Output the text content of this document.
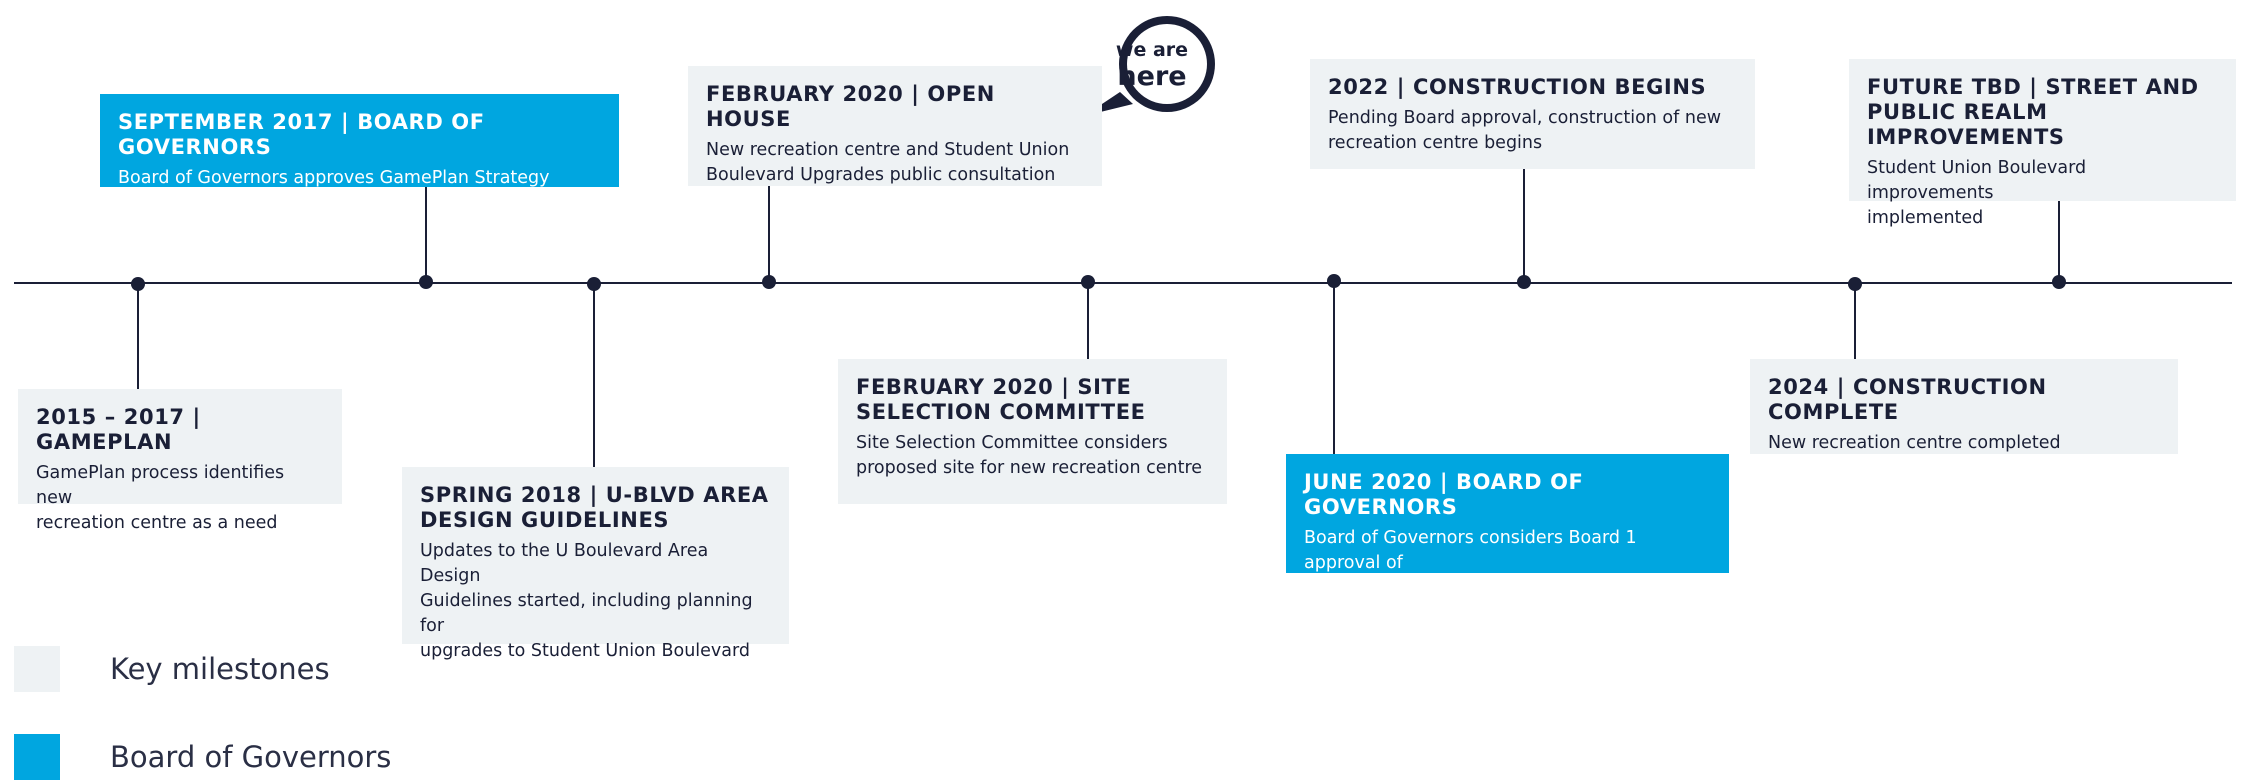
we are
here
2015 – 2017 | GAMEPLAN
GamePlan process identifies new
recreation centre as a need
SEPTEMBER 2017 | BOARD OF GOVERNORS
Board of Governors approves GamePlan Strategy
SPRING 2018 | U-BLVD AREA
DESIGN GUIDELINES
Updates to the U Boulevard Area Design
Guidelines started, including planning for
upgrades to Student Union Boulevard
FEBRUARY 2020 | OPEN HOUSE
New recreation centre and Student Union
Boulevard Upgrades public consultation
FEBRUARY 2020 | SITE
SELECTION COMMITTEE
Site Selection Committee considers
proposed site for new recreation centre
JUNE 2020 | BOARD OF GOVERNORS
Board of Governors considers Board 1 approval of
a new recreation centre
2022 | CONSTRUCTION BEGINS
Pending Board approval, construction of new
recreation centre begins
2024 | CONSTRUCTION COMPLETE
New recreation centre completed
FUTURE TBD | STREET AND
PUBLIC REALM IMPROVEMENTS
Student Union Boulevard improvements
implemented
Key milestones
Board of Governors
